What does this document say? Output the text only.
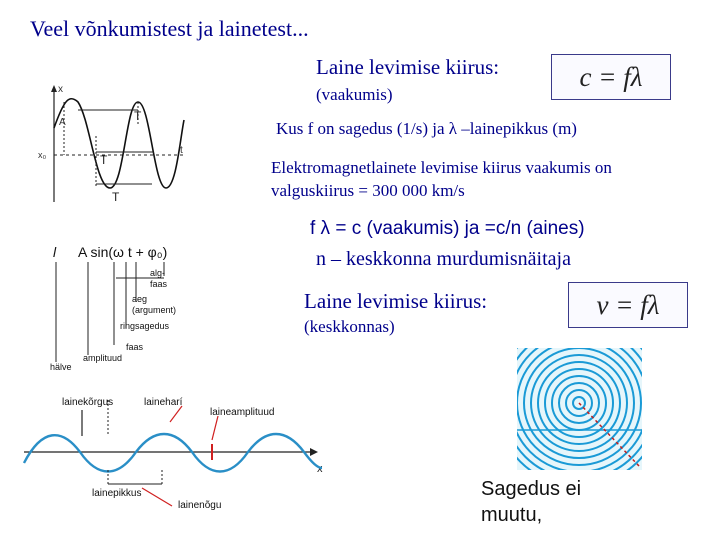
Veel võnkumistest ja lainetest...
Laine levimise kiirus:
(vaakumis)
c = fλ
Kus f on sagedus (1/s) ja λ –lainepikkus (m)
Elektromagnetlainete levimise kiirus vaakumis on
valguskiirus = 300 000 km/s
f λ = c (vaakumis) ja =c/n (aines)
n – keskkonna murdumisnäitaja
Laine levimise kiirus:
(keskkonnas)
v = fλ
Sagedus ei
muutu,
x
t
A
x₀
T
T
T
l A sin(ω t + φ₀)
alg-
faas
aeg
(argument)
ringsagedus
faas
amplituud
hälve
x
lainekõrgus	laineharí
laineamplituud
lainepikkus
lainenõgu
